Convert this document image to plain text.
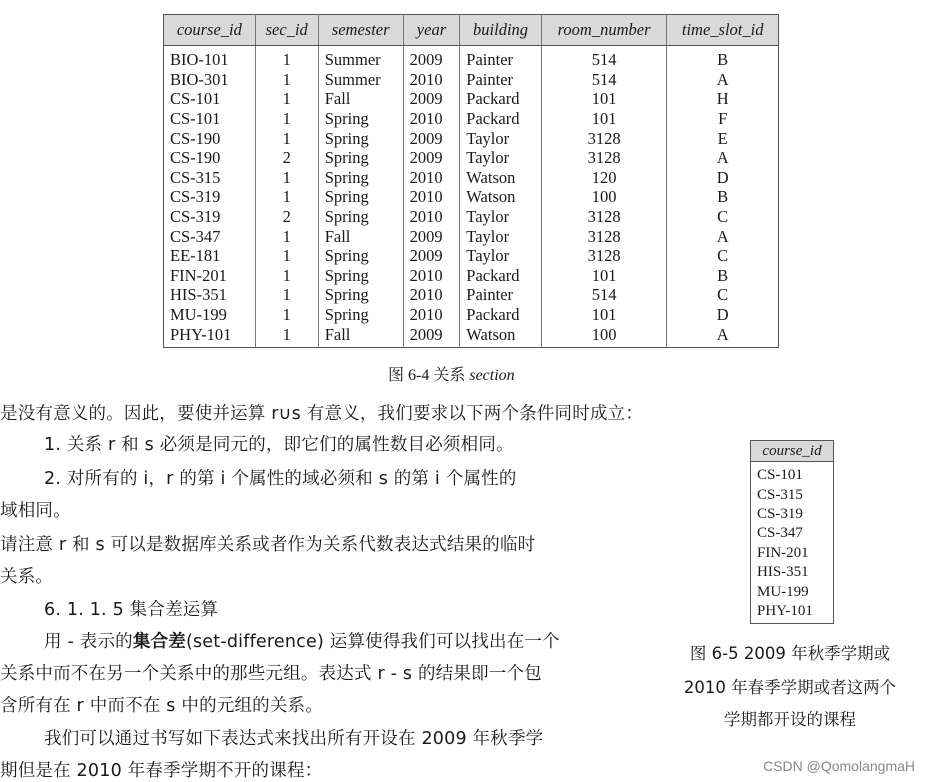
course_id	sec_id	semester	year	building	room_number	time_slot_id
BIO-101	1	Summer	2009	Painter	514	B
BIO-301	1	Summer	2010	Painter	514	A
CS-101	1	Fall	2009	Packard	101	H
CS-101	1	Spring	2010	Packard	101	F
CS-190	1	Spring	2009	Taylor	3128	E
CS-190	2	Spring	2009	Taylor	3128	A
CS-315	1	Spring	2010	Watson	120	D
CS-319	1	Spring	2010	Watson	100	B
CS-319	2	Spring	2010	Taylor	3128	C
CS-347	1	Fall	2009	Taylor	3128	A
EE-181	1	Spring	2009	Taylor	3128	C
FIN-201	1	Spring	2010	Packard	101	B
HIS-351	1	Spring	2010	Painter	514	C
MU-199	1	Spring	2010	Packard	101	D
PHY-101	1	Fall	2009	Watson	100	A
图 6-4 关系 section
是没有意义的。因此，要使并运算 r∪s 有意义，我们要求以下两个条件同时成立：
1. 关系 r 和 s 必须是同元的，即它们的属性数目必须相同。
2. 对所有的 i，r 的第 i 个属性的域必须和 s 的第 i 个属性的
域相同。
请注意 r 和 s 可以是数据库关系或者作为关系代数表达式结果的临时
关系。
6. 1. 1. 5 集合差运算
用 - 表示的集合差(set-difference) 运算使得我们可以找出在一个
关系中而不在另一个关系中的那些元组。表达式 r - s 的结果即一个包
含所有在 r 中而不在 s 中的元组的关系。
我们可以通过书写如下表达式来找出所有开设在 2009 年秋季学
期但是在 2010 年春季学期不开的课程：
course_id
CS-101
CS-315
CS-319
CS-347
FIN-201
HIS-351
MU-199
PHY-101
图 6-5 2009 年秋季学期或
2010 年春季学期或者这两个
学期都开设的课程
CSDN @QomolangmaH
